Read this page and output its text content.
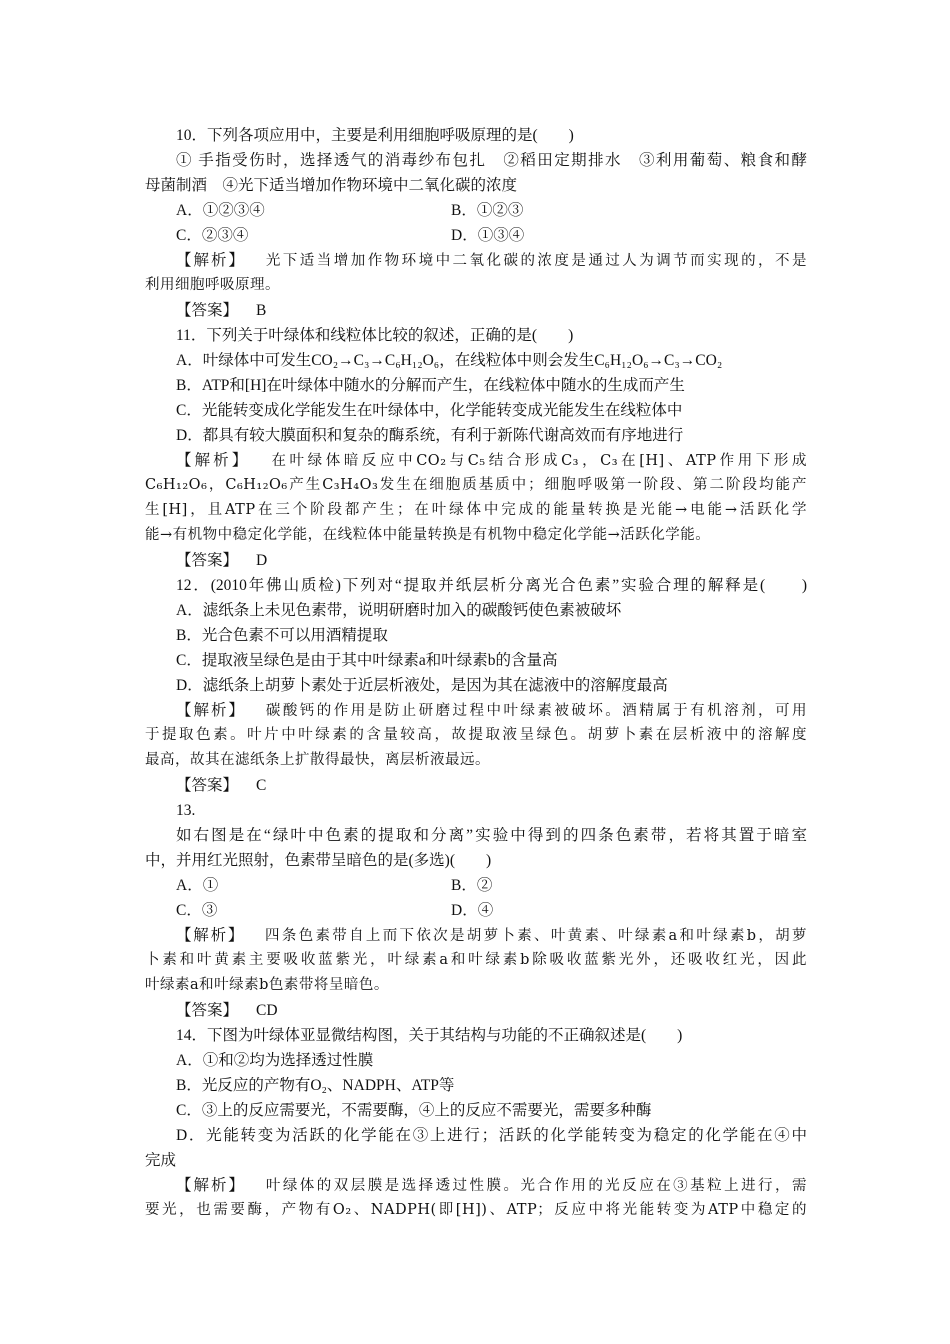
10．下列各项应用中，主要是利用细胞呼吸原理的是(　　)
① 手指受伤时，选择透气的消毒纱布包扎　②稻田定期排水　③利用葡萄、粮食和酵
母菌制酒　④光下适当增加作物环境中二氧化碳的浓度
A．①②③④	B．①②③
C．②③④	D．①③④
【解析】 光下适当增加作物环境中二氧化碳的浓度是通过人为调节而实现的，不是
利用细胞呼吸原理。
【答案】 B
11．下列关于叶绿体和线粒体比较的叙述，正确的是(　　)
A．叶绿体中可发生CO₂→C₃→C₆H₁₂O₆，在线粒体中则会发生C₆H₁₂O₆→C₃→CO₂
B．ATP和[H]在叶绿体中随水的分解而产生，在线粒体中随水的生成而产生
C．光能转变成化学能发生在叶绿体中，化学能转变成光能发生在线粒体中
D．都具有较大膜面积和复杂的酶系统，有利于新陈代谢高效而有序地进行
【解析】 在叶绿体暗反应中CO₂与C₅结合形成C₃，C₃在[H]、ATP作用下形成
C₆H₁₂O₆，C₆H₁₂O₆产生C₃H₄O₃发生在细胞质基质中；细胞呼吸第一阶段、第二阶段均能产
生[H]，且ATP在三个阶段都产生；在叶绿体中完成的能量转换是光能→电能→活跃化学
能→有机物中稳定化学能，在线粒体中能量转换是有机物中稳定化学能→活跃化学能。
【答案】 D
12．(2010年佛山质检)下列对“提取并纸层析分离光合色素”实验合理的解释是(　　)
A．滤纸条上未见色素带，说明研磨时加入的碳酸钙使色素被破坏
B．光合色素不可以用酒精提取
C．提取液呈绿色是由于其中叶绿素a和叶绿素b的含量高
D．滤纸条上胡萝卜素处于近层析液处，是因为其在滤液中的溶解度最高
【解析】 碳酸钙的作用是防止研磨过程中叶绿素被破坏。酒精属于有机溶剂，可用
于提取色素。叶片中叶绿素的含量较高，故提取液呈绿色。胡萝卜素在层析液中的溶解度
最高，故其在滤纸条上扩散得最快，离层析液最远。
【答案】 C
13.
如右图是在“绿叶中色素的提取和分离”实验中得到的四条色素带，若将其置于暗室
中，并用红光照射，色素带呈暗色的是(多选)(　　)
A．①	B．②
C．③	D．④
【解析】 四条色素带自上而下依次是胡萝卜素、叶黄素、叶绿素a和叶绿素b，胡萝
卜素和叶黄素主要吸收蓝紫光，叶绿素a和叶绿素b除吸收蓝紫光外，还吸收红光，因此
叶绿素a和叶绿素b色素带将呈暗色。
【答案】 CD
14．下图为叶绿体亚显微结构图，关于其结构与功能的不正确叙述是(　　)
A．①和②均为选择透过性膜
B．光反应的产物有O₂、NADPH、ATP等
C．③上的反应需要光，不需要酶，④上的反应不需要光，需要多种酶
D．光能转变为活跃的化学能在③上进行；活跃的化学能转变为稳定的化学能在④中
完成
【解析】 叶绿体的双层膜是选择透过性膜。光合作用的光反应在③基粒上进行，需
要光，也需要酶，产物有O₂、NADPH(即[H])、ATP；反应中将光能转变为ATP中稳定的
